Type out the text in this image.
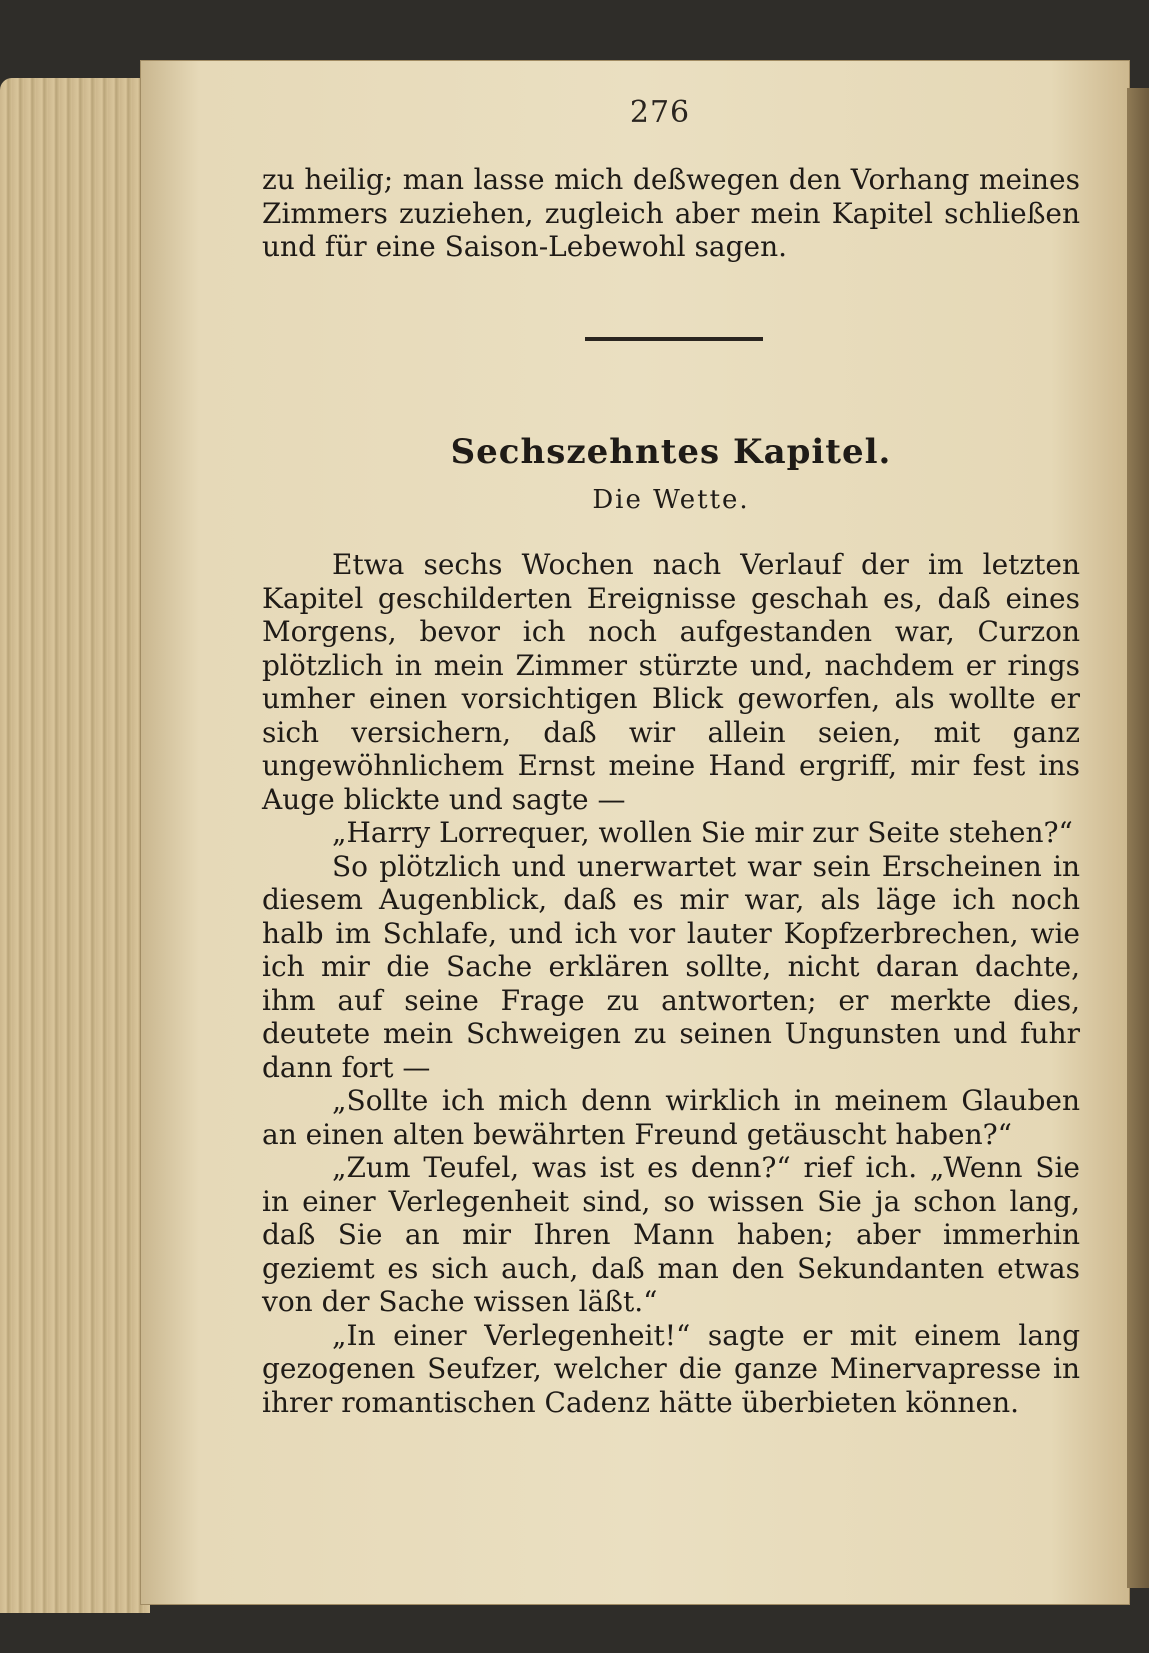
276

zu heilig; man lasse mich deßwegen den Vorhang meines Zimmers zuziehen, zugleich aber mein Kapitel schließen und für eine Saison-Lebewohl sagen.

Sechszehntes Kapitel.
Die Wette.

Etwa sechs Wochen nach Verlauf der im letzten Kapitel geschilderten Ereignisse geschah es, daß eines Morgens, bevor ich noch aufgestanden war, Curzon plötzlich in mein Zimmer stürzte und, nachdem er rings umher einen vorsichtigen Blick geworfen, als wollte er sich versichern, daß wir allein seien, mit ganz ungewöhnlichem Ernst meine Hand ergriff, mir fest ins Auge blickte und sagte —

„Harry Lorrequer, wollen Sie mir zur Seite stehen?“

So plötzlich und unerwartet war sein Erscheinen in diesem Augenblick, daß es mir war, als läge ich noch halb im Schlafe, und ich vor lauter Kopfzerbrechen, wie ich mir die Sache erklären sollte, nicht daran dachte, ihm auf seine Frage zu antworten; er merkte dies, deutete mein Schweigen zu seinen Ungunsten und fuhr dann fort —

„Sollte ich mich denn wirklich in meinem Glauben an einen alten bewährten Freund getäuscht haben?“

„Zum Teufel, was ist es denn?“ rief ich. „Wenn Sie in einer Verlegenheit sind, so wissen Sie ja schon lang, daß Sie an mir Ihren Mann haben; aber immerhin geziemt es sich auch, daß man den Sekundanten etwas von der Sache wissen läßt.“

„In einer Verlegenheit!“ sagte er mit einem lang gezogenen Seufzer, welcher die ganze Minervapresse in ihrer romantischen Cadenz hätte überbieten können.
